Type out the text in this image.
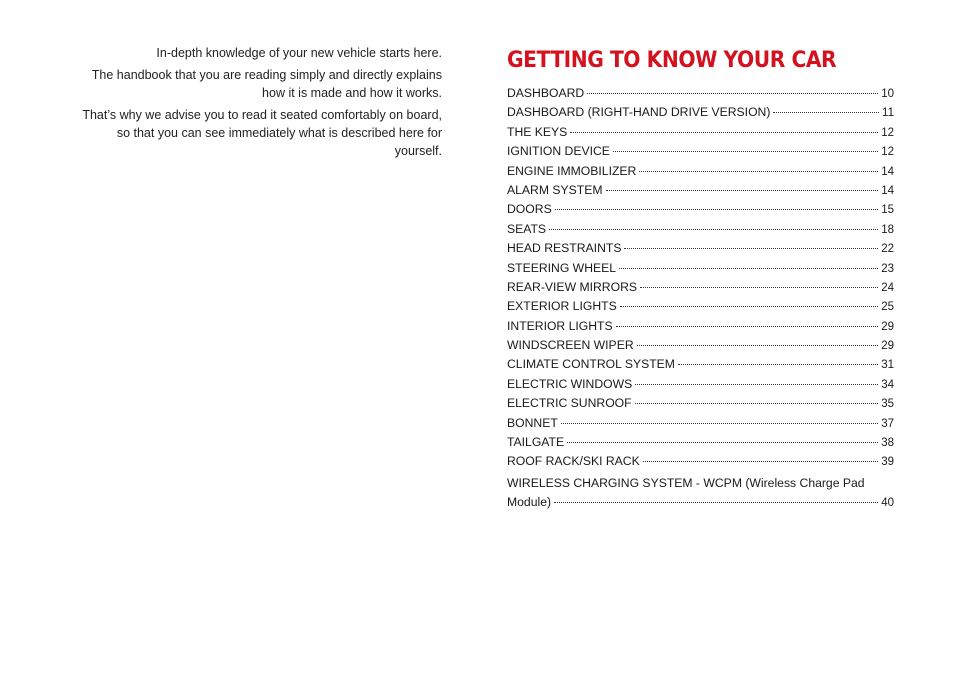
In-depth knowledge of your new vehicle starts here.

The handbook that you are reading simply and directly explains how it is made and how it works.

That’s why we advise you to read it seated comfortably on board, so that you can see immediately what is described here for yourself.

GETTING TO KNOW YOUR CAR
DASHBOARD	10
DASHBOARD (RIGHT-HAND DRIVE VERSION)	11
THE KEYS	12
IGNITION DEVICE	12
ENGINE IMMOBILIZER	14
ALARM SYSTEM	14
DOORS	15
SEATS	18
HEAD RESTRAINTS	22
STEERING WHEEL	23
REAR-VIEW MIRRORS	24
EXTERIOR LIGHTS	25
INTERIOR LIGHTS	29
WINDSCREEN WIPER	29
CLIMATE CONTROL SYSTEM	31
ELECTRIC WINDOWS	34
ELECTRIC SUNROOF	35
BONNET	37
TAILGATE	38
ROOF RACK/SKI RACK	39
WIRELESS CHARGING SYSTEM - WCPM (Wireless Charge Pad
Module)	40
